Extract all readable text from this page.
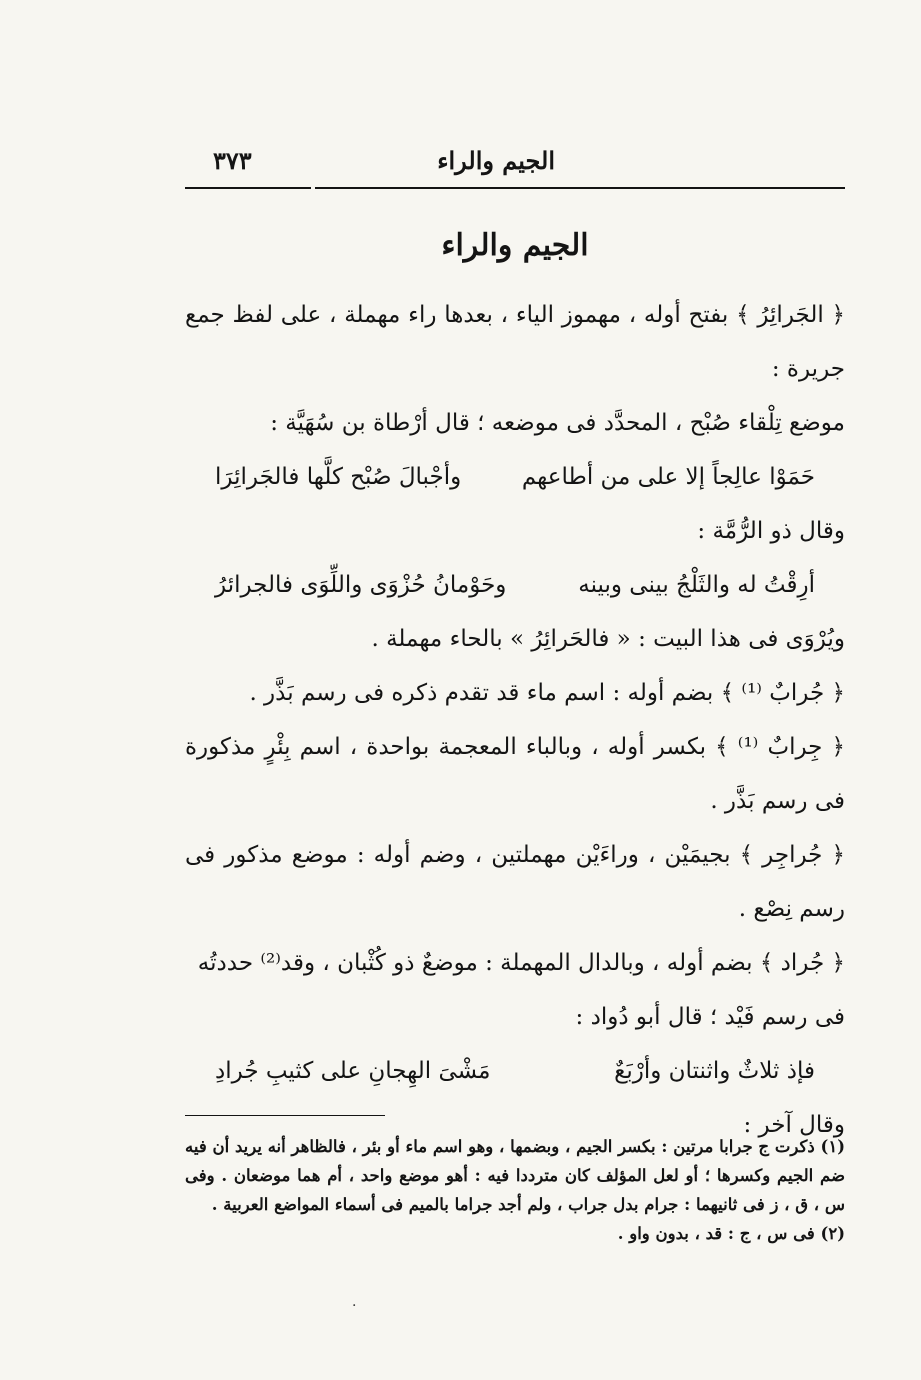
الجيم والراء
٣٧٣
الجيم والراء

﴿ الجَرائِرُ ﴾ بفتح أوله ، مهموز الياء ، بعدها راء مهملة ، على لفظ جمع جريرة :

موضع تِلْقاء صُبْح ، المحدَّد فى موضعه ؛ قال أرْطاة بن سُهَيَّة :

حَمَوْا عالِجاً إلا على من أطاعهم
وأجْبالَ صُبْح كلَّها فالجَرائِرَا

وقال ذو الرُّمَّة :

أرِقْتُ له والثَلْجُ بينى وبينه
وحَوْمانُ حُزْوَى واللِّوَى فالجرائرُ

ويُرْوَى فى هذا البيت : « فالحَرائِرُ » بالحاء مهملة .

﴿ جُرابٌ ⁽¹⁾ ﴾ بضم أوله : اسم ماء قد تقدم ذكره فى رسم بَذَّر .

﴿ جِرابٌ ⁽¹⁾ ﴾ بكسر أوله ، وبالباء المعجمة بواحدة ، اسم بِئْرٍ مذكورة فى رسم بَذَّر .

﴿ جُراجِر ﴾ بجيمَيْن ، وراءَيْن مهملتين ، وضم أوله : موضع مذكور فى رسم نِصْع .

﴿ جُراد ﴾ بضم أوله ، وبالدال المهملة : موضعٌ ذو كُثْبان ، وقد⁽²⁾ حددتُه

فى رسم فَيْد ؛ قال أبو دُواد :

فإذ ثلاثٌ واثنتان وأرْبَعٌ
مَشْىَ الهِجانِ على كثيبِ جُرادِ

وقال آخر :

(١) ذكرت ج جرابا مرتين : بكسر الجيم ، وبضمها ، وهو اسم ماء أو بئر ، فالظاهر أنه يريد أن فيه ضم الجيم وكسرها ؛ أو لعل المؤلف كان مترددا فيه : أهو موضع واحد ، أم هما موضعان . وفى س ، ق ، ز فى ثانيهما : جرام بدل جراب ، ولم أجد جراما بالميم فى أسماء المواضع العربية .

(٢) فى س ، ج : قد ، بدون واو .

·
